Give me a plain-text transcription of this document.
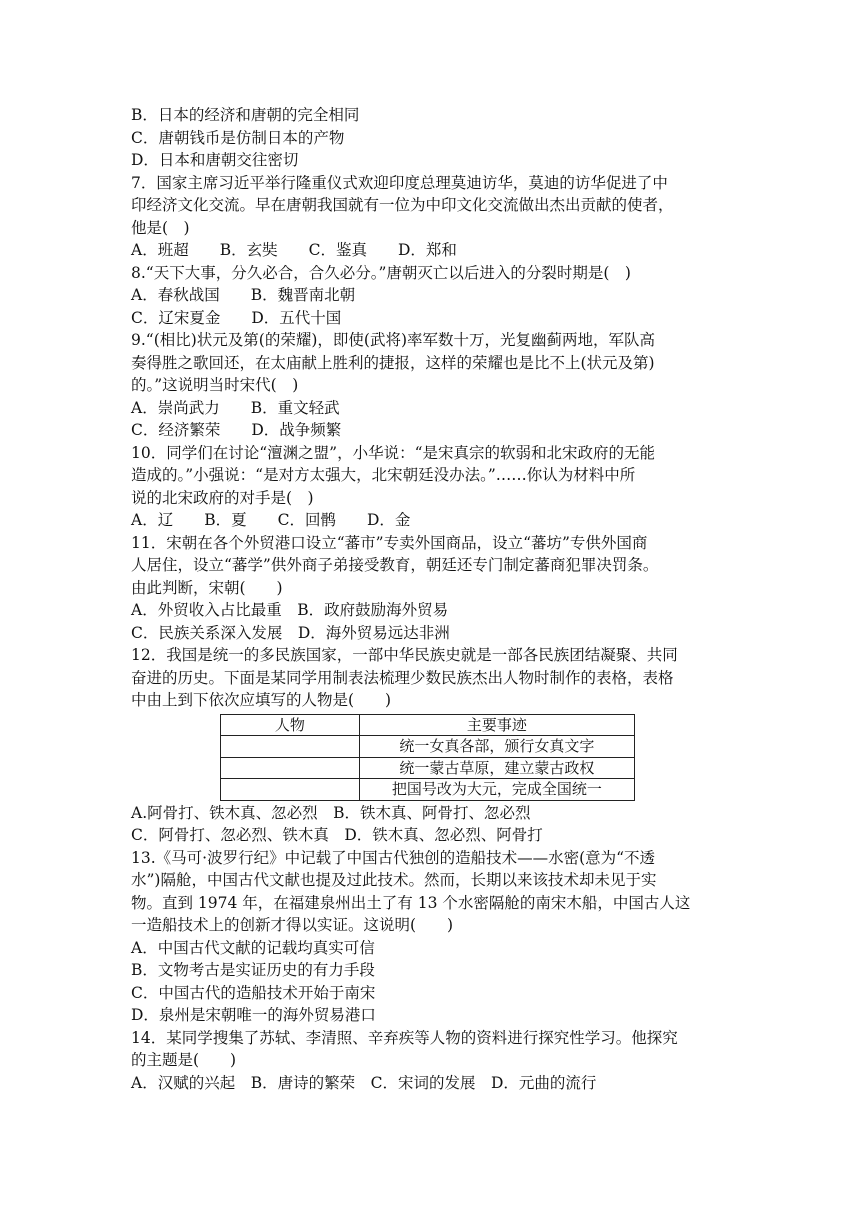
B．日本的经济和唐朝的完全相同
C．唐朝钱币是仿制日本的产物
D．日本和唐朝交往密切
7．国家主席习近平举行隆重仪式欢迎印度总理莫迪访华，莫迪的访华促进了中
印经济文化交流。早在唐朝我国就有一位为中印文化交流做出杰出贡献的使者，
他是(　)
A．班超　　B．玄奘　　C．鉴真　　D．郑和
8.“天下大事，分久必合，合久必分。”唐朝灭亡以后进入的分裂时期是(　)
A．春秋战国　　B．魏晋南北朝
C．辽宋夏金　　D．五代十国
9.“(相比)状元及第(的荣耀)，即使(武将)率军数十万，光复幽蓟两地，军队高
奏得胜之歌回还，在太庙献上胜利的捷报，这样的荣耀也是比不上(状元及第)
的。”这说明当时宋代(　)
A．崇尚武力　　B．重文轻武
C．经济繁荣　　D．战争频繁
10．同学们在讨论“澶渊之盟”，小华说：“是宋真宗的软弱和北宋政府的无能
造成的。”小强说：“是对方太强大，北宋朝廷没办法。”……你认为材料中所
说的北宋政府的对手是(　)
A．辽　　B．夏　　C．回鹘　　D．金
11．宋朝在各个外贸港口设立“蕃市”专卖外国商品，设立“蕃坊”专供外国商
人居住，设立“蕃学”供外商子弟接受教育，朝廷还专门制定蕃商犯罪决罚条。
由此判断，宋朝(　　)
A．外贸收入占比最重　B．政府鼓励海外贸易
C．民族关系深入发展　D．海外贸易远达非洲
12．我国是统一的多民族国家，一部中华民族史就是一部各民族团结凝聚、共同
奋进的历史。下面是某同学用制表法梳理少数民族杰出人物时制作的表格，表格
中由上到下依次应填写的人物是(　　)
人物	主要事迹
	统一女真各部，颁行女真文字
	统一蒙古草原，建立蒙古政权
	把国号改为大元，完成全国统一
A.阿骨打、铁木真、忽必烈　B．铁木真、阿骨打、忽必烈
C．阿骨打、忽必烈、铁木真　D．铁木真、忽必烈、阿骨打
13.《马可·波罗行纪》中记载了中国古代独创的造船技术——水密(意为“不透
水”)隔舱，中国古代文献也提及过此技术。然而，长期以来该技术却未见于实
物。直到 1974 年，在福建泉州出土了有 13 个水密隔舱的南宋木船，中国古人这
一造船技术上的创新才得以实证。这说明(　　)
A．中国古代文献的记载均真实可信
B．文物考古是实证历史的有力手段
C．中国古代的造船技术开始于南宋
D．泉州是宋朝唯一的海外贸易港口
14．某同学搜集了苏轼、李清照、辛弃疾等人物的资料进行探究性学习。他探究
的主题是(　　)
A．汉赋的兴起　B．唐诗的繁荣　C．宋词的发展　D．元曲的流行
